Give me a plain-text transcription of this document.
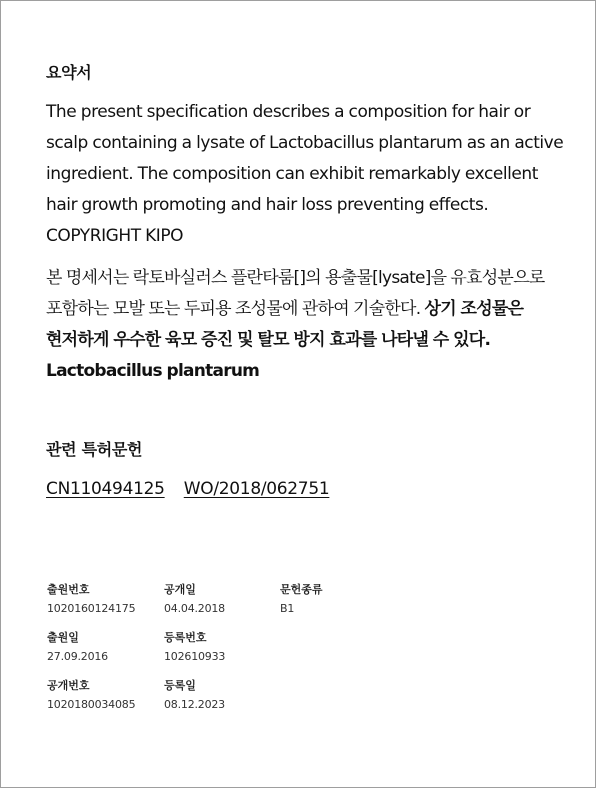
요약서
The present specification describes a composition for hair or scalp containing a lysate of Lactobacillus plantarum as an active ingredient. The composition can exhibit remarkably excellent hair growth promoting and hair loss preventing effects. COPYRIGHT KIPO
본 명세서는 락토바실러스 플란타룸[]의 용출물[lysate]을 유효성분으로
포함하는 모발 또는 두피용 조성물에 관하여 기술한다. 상기 조성물은
현저하게 우수한 육모 증진 및 탈모 방지 효과를 나타낼 수 있다.
Lactobacillus plantarum
관련 특허문헌
CN110494125 WO/2018/062751
출원번호
1020160124175
공개일
04.04.2018
문헌종류
B1
출원일
27.09.2016
등록번호
102610933
공개번호
1020180034085
등록일
08.12.2023
